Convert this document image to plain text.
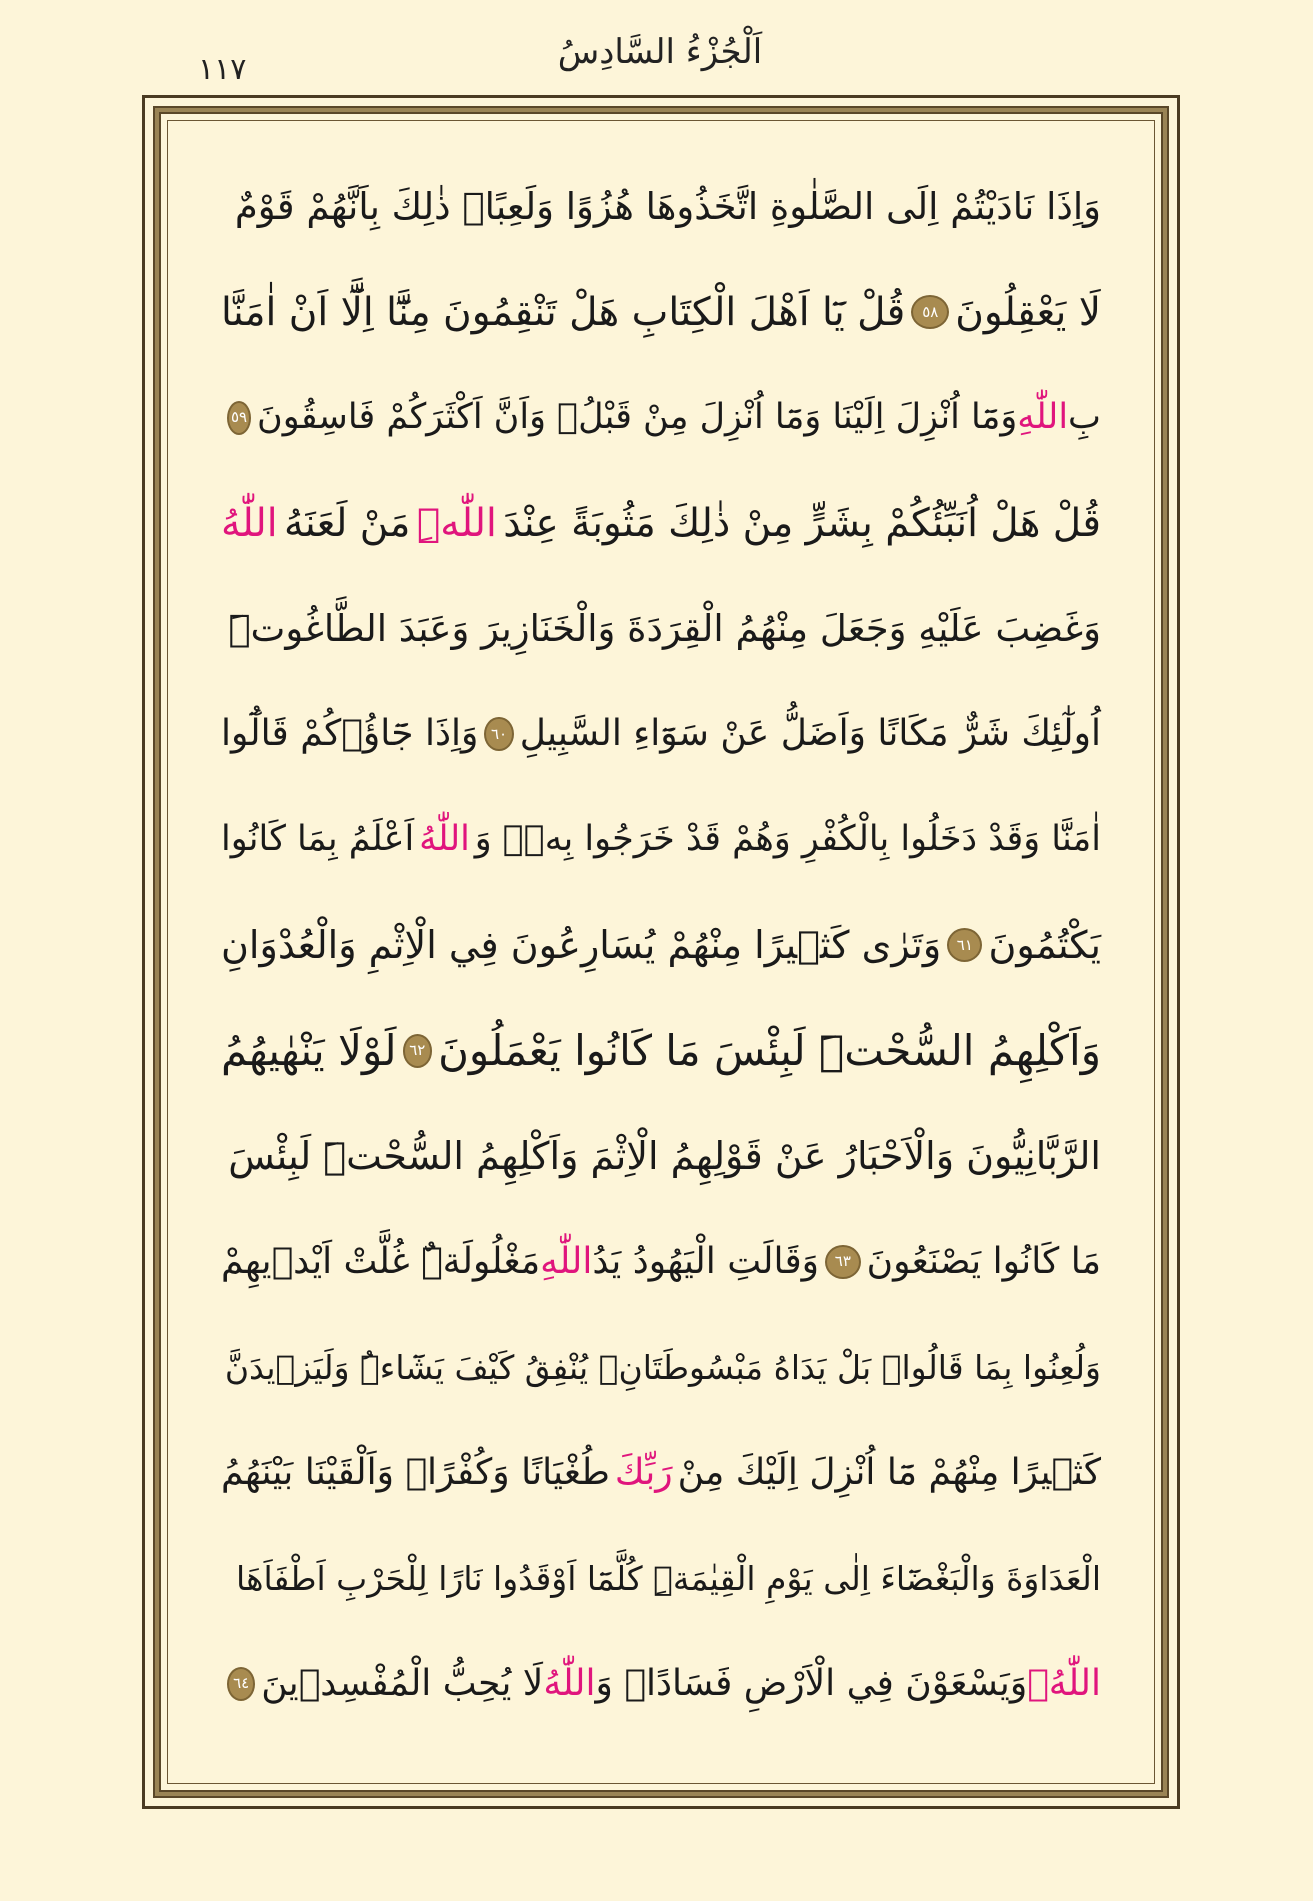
١١٧	اَلْجُزْءُ السَّادِسُ
وَاِذَا نَادَيْتُمْ اِلَى الصَّلٰوةِ اتَّخَذُوهَا هُزُوًا وَلَعِبًاۜ ذٰلِكَ بِاَنَّهُمْ قَوْمٌ
لَا يَعْقِلُونَ
٥٨
قُلْ يَٓا اَهْلَ الْكِتَابِ هَلْ تَنْقِمُونَ مِنَّٓا اِلَّٓا اَنْ اٰمَنَّا
بِ
اللّٰهِ
وَمَٓا اُنْزِلَ اِلَيْنَا وَمَٓا اُنْزِلَ مِنْ قَبْلُۙ وَاَنَّ اَكْثَرَكُمْ فَاسِقُونَ
٥٩
قُلْ هَلْ اُنَبِّئُكُمْ بِشَرٍّ مِنْ ذٰلِكَ مَثُوبَةً عِنْدَ
اللّٰهِۜ
مَنْ لَعَنَهُ
اللّٰهُ
وَغَضِبَ عَلَيْهِ وَجَعَلَ مِنْهُمُ الْقِرَدَةَ وَالْخَنَازِيرَ وَعَبَدَ الطَّاغُوتَۜ
اُولٰٓئِكَ شَرٌّ مَكَانًا وَاَضَلُّ عَنْ سَوَٓاءِ السَّبِيلِ
٦٠
وَاِذَا جَٓاؤُ۫كُمْ قَالُٓوا
اٰمَنَّا وَقَدْ دَخَلُوا بِالْكُفْرِ وَهُمْ قَدْ خَرَجُوا بِهٖۜ وَ
اللّٰهُ
اَعْلَمُ بِمَا كَانُوا
يَكْتُمُونَ
٦١
وَتَرٰى كَث۪يرًا مِنْهُمْ يُسَارِعُونَ فِي الْاِثْمِ وَالْعُدْوَانِ
وَاَكْلِهِمُ السُّحْتَۜ لَبِئْسَ مَا كَانُوا يَعْمَلُونَ
٦٢
لَوْلَا يَنْهٰيهُمُ
الرَّبَّانِيُّونَ وَالْاَحْبَارُ عَنْ قَوْلِهِمُ الْاِثْمَ وَاَكْلِهِمُ السُّحْتَۜ لَبِئْسَ
مَا كَانُوا يَصْنَعُونَ
٦٣
وَقَالَتِ الْيَهُودُ يَدُ
اللّٰهِ
مَغْلُولَةٌۜ غُلَّتْ اَيْد۪يهِمْ
وَلُعِنُوا بِمَا قَالُواۢ بَلْ يَدَاهُ مَبْسُوطَتَانِۙ يُنْفِقُ كَيْفَ يَشَٓاءُۜ وَلَيَز۪يدَنَّ
كَث۪يرًا مِنْهُمْ مَٓا اُنْزِلَ اِلَيْكَ مِنْ
رَبِّكَ
طُغْيَانًا وَكُفْرًاۜ وَاَلْقَيْنَا بَيْنَهُمُ
الْعَدَاوَةَ وَالْبَغْضَٓاءَ اِلٰى يَوْمِ الْقِيٰمَةِۜ كُلَّمَٓا اَوْقَدُوا نَارًا لِلْحَرْبِ اَطْفَاَهَا
اللّٰهُۙ
وَيَسْعَوْنَ فِي الْاَرْضِ فَسَادًاۜ وَ
اللّٰهُ
لَا يُحِبُّ الْمُفْسِد۪ينَ
٦٤
